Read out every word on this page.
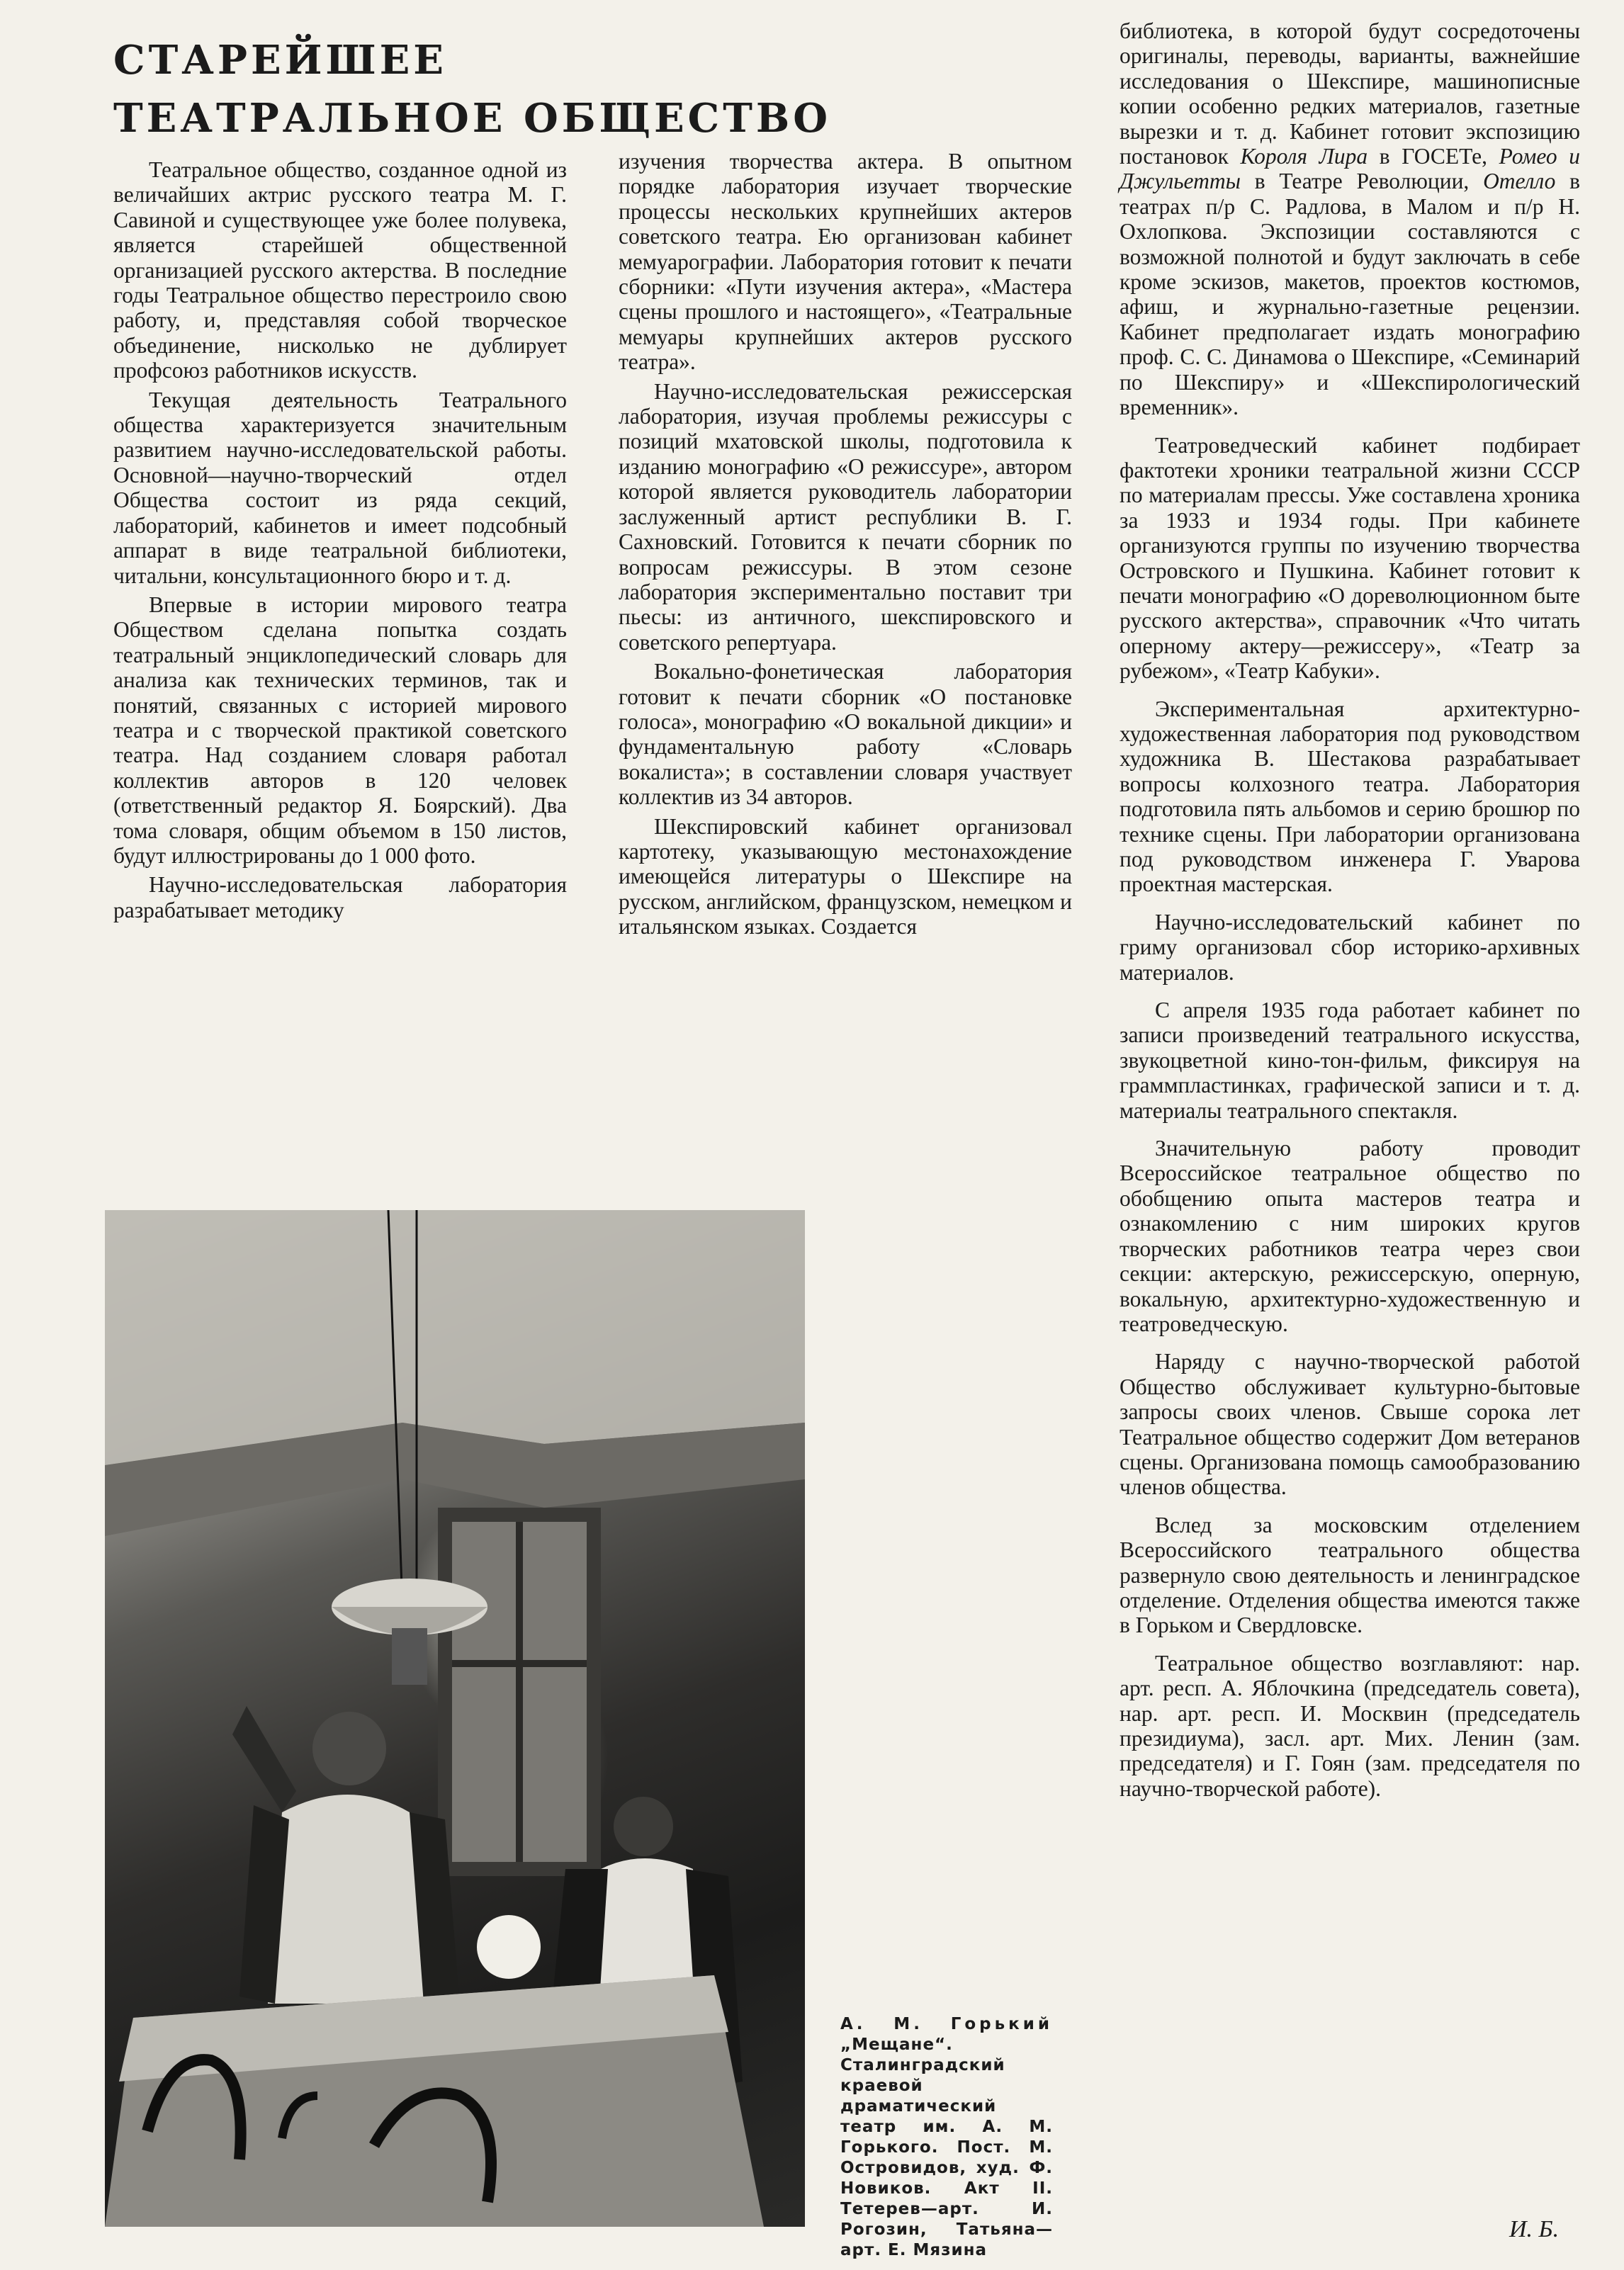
СТАРЕЙШЕЕ
ТЕАТРАЛЬНОЕ ОБЩЕСТВО

Театральное общество, созданное одной из величайших актрис русского театра М. Г. Савиной и существующее уже более полувека, является старейшей общественной организацией русского актерства. В последние годы Театральное общество перестроило свою работу, и, представляя собой творческое объединение, нисколько не дублирует профсоюз работников искусств.

Текущая деятельность Театрального общества характеризуется значительным развитием научно-исследовательской работы. Основной—научно-творческий отдел Общества состоит из ряда секций, лабораторий, кабинетов и имеет подсобный аппарат в виде театральной библиотеки, читальни, консультационного бюро и т. д.

Впервые в истории мирового театра Обществом сделана попытка создать театральный энциклопедический словарь для анализа как технических терминов, так и понятий, связанных с историей мирового театра и с творческой практикой советского театра. Над созданием словаря работал коллектив авторов в 120 человек (ответственный редактор Я. Боярский). Два тома словаря, общим объемом в 150 листов, будут иллюстрированы до 1 000 фото.

Научно-исследовательская лаборатория разрабатывает методику

изучения творчества актера. В опытном порядке лаборатория изучает творческие процессы нескольких крупнейших актеров советского театра. Ею организован кабинет мемуарографии. Лаборатория готовит к печати сборники: «Пути изучения актера», «Мастера сцены прошлого и настоящего», «Театральные мемуары крупнейших актеров русского театра».

Научно-исследовательская режиссерская лаборатория, изучая проблемы режиссуры с позиций мхатовской школы, подготовила к изданию монографию «О режиссуре», автором которой является руководитель лаборатории заслуженный артист республики В. Г. Сахновский. Готовится к печати сборник по вопросам режиссуры. В этом сезоне лаборатория экспериментально поставит три пьесы: из античного, шекспировского и советского репертуара.

Вокально-фонетическая лаборатория готовит к печати сборник «О постановке голоса», монографию «О вокальной дикции» и фундаментальную работу «Словарь вокалиста»; в составлении словаря участвует коллектив из 34 авторов.

Шекспировский кабинет организовал картотеку, указывающую местонахождение имеющейся литературы о Шекспире на русском, английском, французском, немецком и итальянском языках. Создается

библиотека, в которой будут сосредоточены оригиналы, переводы, варианты, важнейшие исследования о Шекспире, машинописные копии особенно редких материалов, газетные вырезки и т. д. Кабинет готовит экспозицию постановок Короля Лира в ГОСЕТе, Ромео и Джульетты в Театре Революции, Отелло в театрах п/р С. Радлова, в Малом и п/р Н. Охлопкова. Экспозиции составляются с возможной полнотой и будут заключать в себе кроме эскизов, макетов, проектов костюмов, афиш, и журнально-газетные рецензии. Кабинет предполагает издать монографию проф. С. С. Динамова о Шекспире, «Семинарий по Шекспиру» и «Шекспирологический временник».

Театроведческий кабинет подбирает фактотеки хроники театральной жизни СССР по материалам прессы. Уже составлена хроника за 1933 и 1934 годы. При кабинете организуются группы по изучению творчества Островского и Пушкина. Кабинет готовит к печати монографию «О дореволюционном быте русского актерства», справочник «Что читать оперному актеру—режиссеру», «Театр за рубежом», «Театр Кабуки».

Экспериментальная архитектурно-художественная лаборатория под руководством художника В. Шестакова разрабатывает вопросы колхозного театра. Лаборатория подготовила пять альбомов и серию брошюр по технике сцены. При лаборатории организована под руководством инженера Г. Уварова проектная мастерская.

Научно-исследовательский кабинет по гриму организовал сбор историко-архивных материалов.

С апреля 1935 года работает кабинет по записи произведений театрального искусства, звукоцветной кино-тон-фильм, фиксируя на граммпластинках, графической записи и т. д. материалы театрального спектакля.

Значительную работу проводит Всероссийское театральное общество по обобщению опыта мастеров театра и ознакомлению с ним широких кругов творческих работников театра через свои секции: актерскую, режиссерскую, оперную, вокальную, архитектурно-художественную и театроведческую.

Наряду с научно-творческой работой Общество обслуживает культурно-бытовые запросы своих членов. Свыше сорока лет Театральное общество содержит Дом ветеранов сцены. Организована помощь самообразованию членов общества.

Вслед за московским отделением Всероссийского театрального общества развернуло свою деятельность и ленинградское отделение. Отделения общества имеются также в Горьком и Свердловске.

Театральное общество возглавляют: нар. арт. респ. А. Яблочкина (председатель совета), нар. арт. респ. И. Москвин (председатель президиума), засл. арт. Мих. Ленин (зам. председателя) и Г. Гоян (зам. председателя по научно-творческой работе).

А. М. Горький „Мещане“. Сталинградский краевой драматический театр им. А. М. Горького. Пост. М. Островидов, худ. Ф. Новиков. Акт II. Тетерев—арт. И. Рогозин, Татьяна—арт. Е. Мязина
И. Б.
